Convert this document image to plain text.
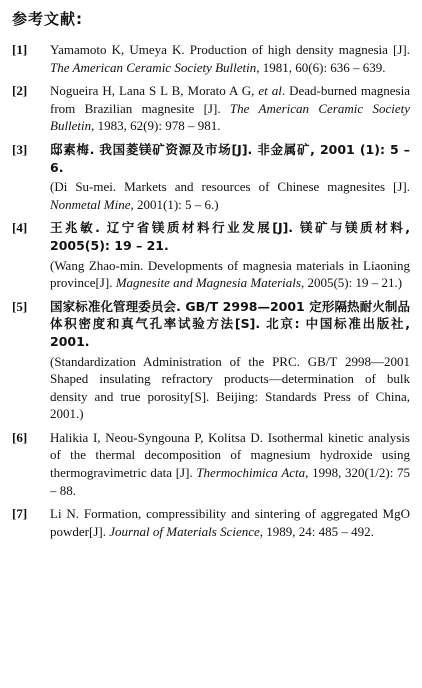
参考文献:
[1]	Yamamoto K, Umeya K. Production of high density magnesia [J]. The American Ceramic Society Bulletin, 1981, 60(6): 636 – 639.

[2]	Nogueira H, Lana S L B, Morato A G, et al. Dead-burned magnesia from Brazilian magnesite [J]. The American Ceramic Society Bulletin, 1983, 62(9): 978 – 981.

[3]	邸素梅. 我国菱镁矿资源及市场[J]. 非金属矿, 2001 (1): 5 – 6.

(Di Su-mei. Markets and resources of Chinese magnesites [J]. Nonmetal Mine, 2001(1): 5 – 6.)

[4]	王兆敏. 辽宁省镁质材料行业发展[J]. 镁矿与镁质材料, 2005(5): 19 – 21.

(Wang Zhao-min. Developments of magnesia materials in Liaoning province[J]. Magnesite and Magnesia Materials, 2005(5): 19 – 21.)

[5]	国家标准化管理委员会. GB/T 2998—2001 定形隔热耐火制品 体积密度和真气孔率试验方法[S]. 北京: 中国标准出版社, 2001.

(Standardization Administration of the PRC. GB/T 2998—2001 Shaped insulating refractory products—determination of bulk density and true porosity[S]. Beijing: Standards Press of China, 2001.)

[6]	Halikia I, Neou-Syngouna P, Kolitsa D. Isothermal kinetic analysis of the thermal decomposition of magnesium hydroxide using thermogravimetric data [J]. Thermochimica Acta, 1998, 320(1/2): 75 – 88.

[7]	Li N. Formation, compressibility and sintering of aggregated MgO powder[J]. Journal of Materials Science, 1989, 24: 485 – 492.
